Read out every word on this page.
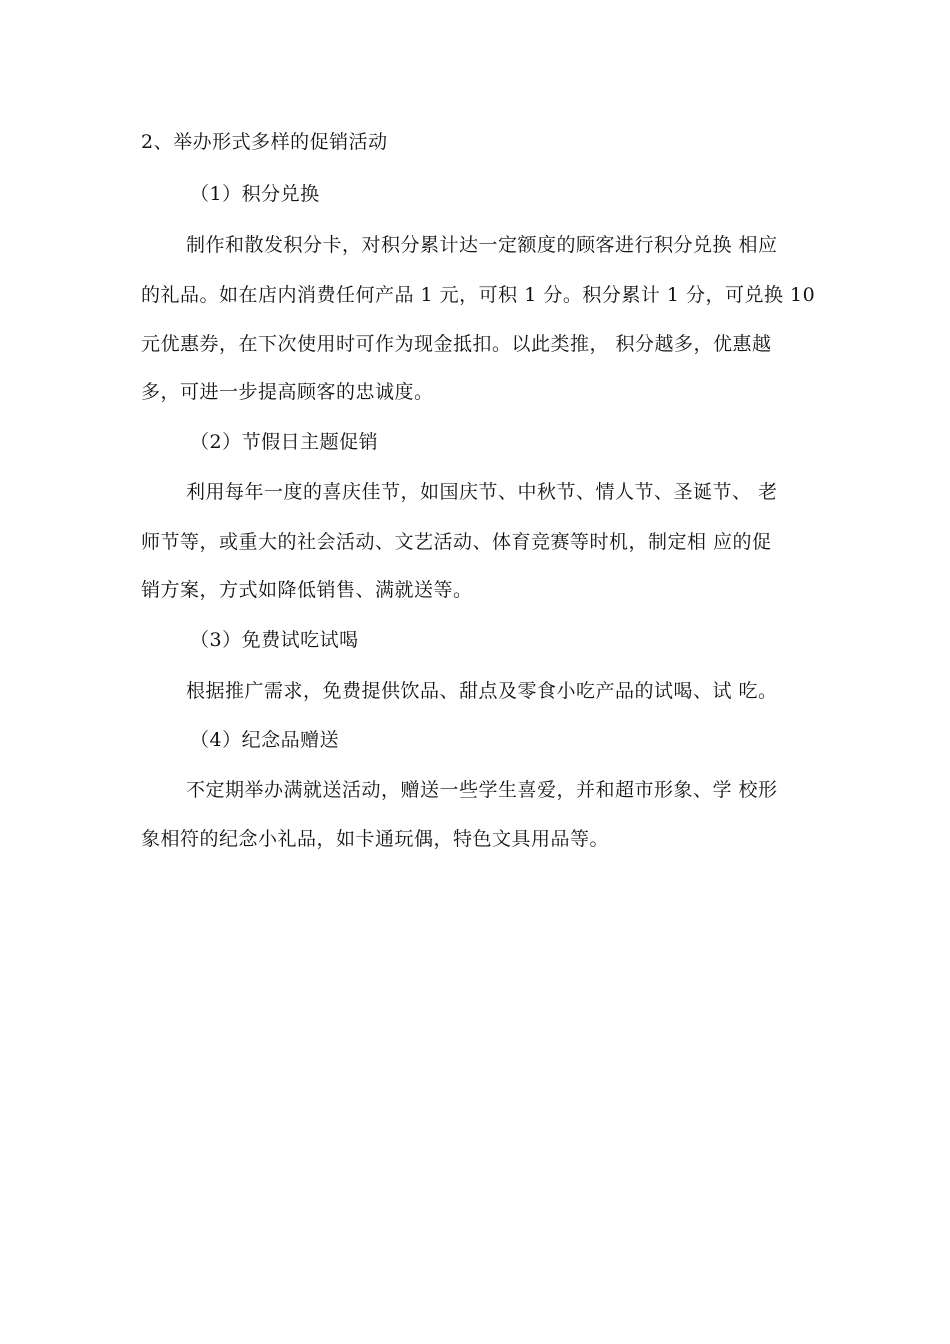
2、举办形式多样的促销活动
（1）积分兑换
制作和散发积分卡，对积分累计达一定额度的顾客进行积分兑换 相应
的礼品。如在店内消费任何产品 1 元，可积 1 分。积分累计 1 分，可兑换 10
元优惠券，在下次使用时可作为现金抵扣。以此类推， 积分越多，优惠越
多，可进一步提高顾客的忠诚度。
（2）节假日主题促销
利用每年一度的喜庆佳节，如国庆节、中秋节、情人节、圣诞节、 老
师节等，或重大的社会活动、文艺活动、体育竞赛等时机，制定相 应的促
销方案，方式如降低销售、满就送等。
（3）免费试吃试喝
根据推广需求，免费提供饮品、甜点及零食小吃产品的试喝、试 吃。
（4）纪念品赠送
不定期举办满就送活动，赠送一些学生喜爱，并和超市形象、学 校形
象相符的纪念小礼品，如卡通玩偶，特色文具用品等。
